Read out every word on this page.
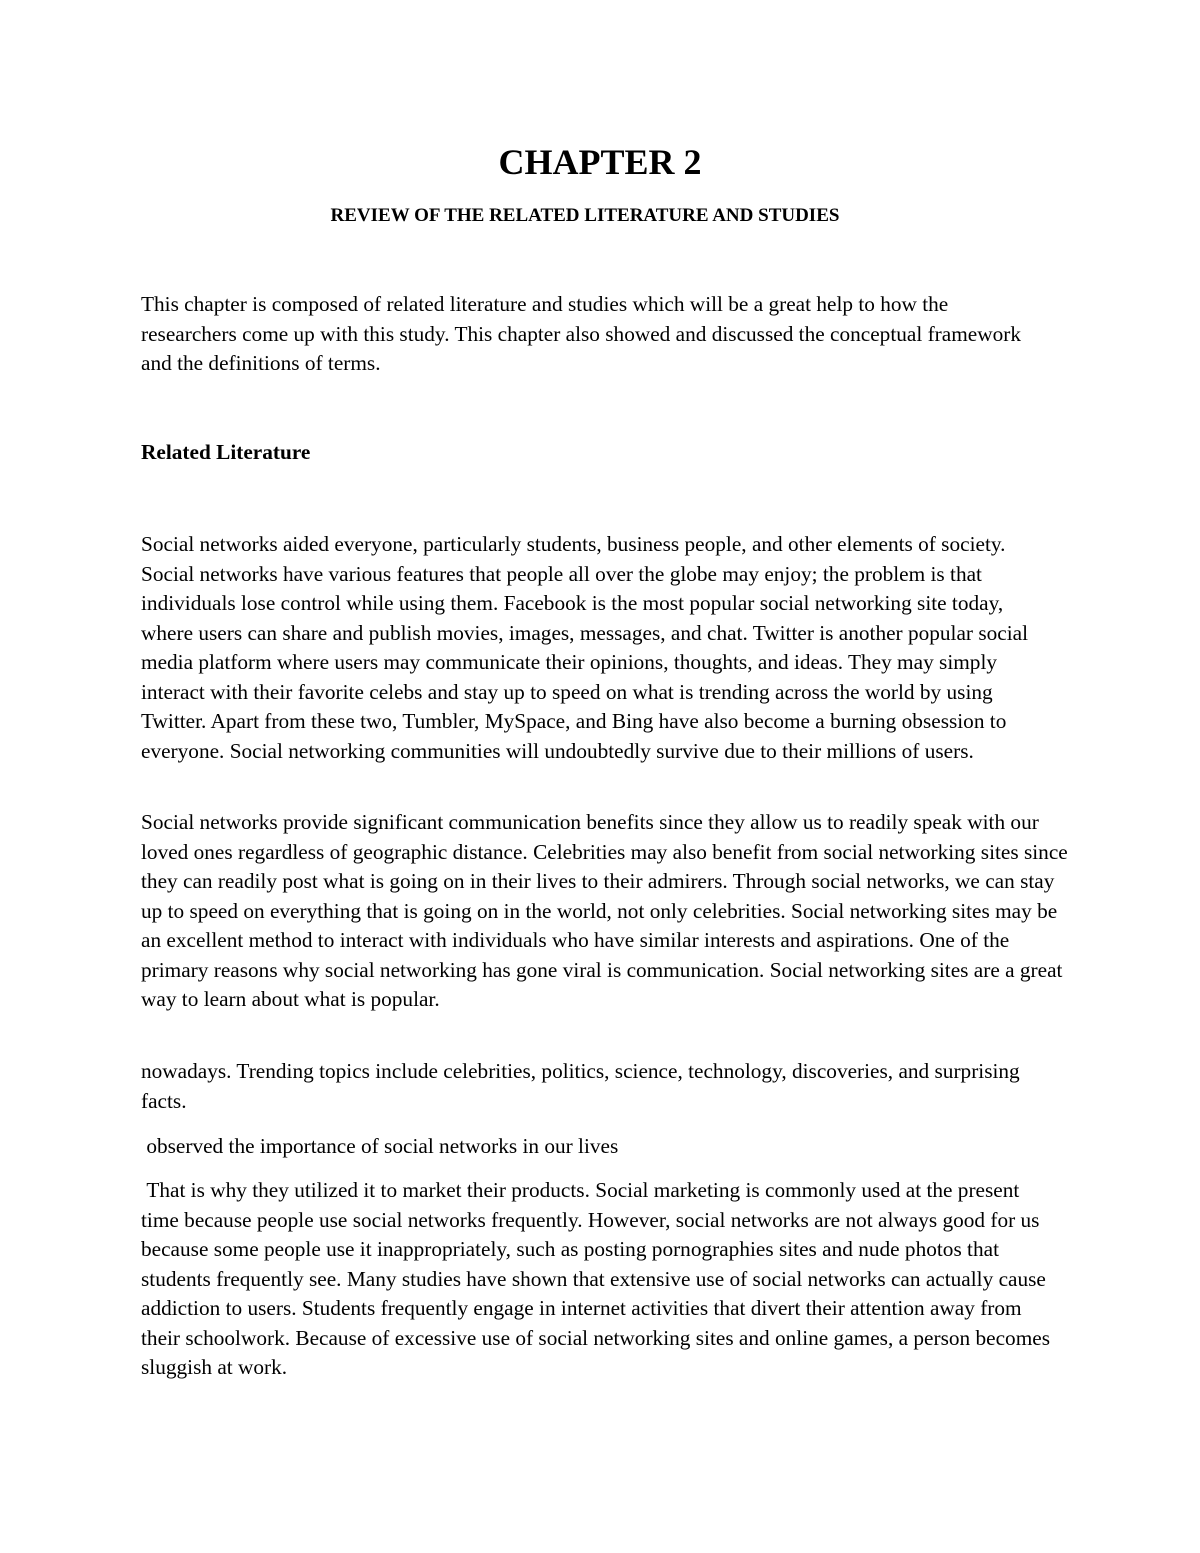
CHAPTER 2
REVIEW OF THE RELATED LITERATURE AND STUDIES

This chapter is composed of related literature and studies which will be a great help to how the researchers come up with this study. This chapter also showed and discussed the conceptual framework and the definitions of terms.

Related Literature

Social networks aided everyone, particularly students, business people, and other elements of society. Social networks have various features that people all over the globe may enjoy; the problem is that individuals lose control while using them. Facebook is the most popular social networking site today, where users can share and publish movies, images, messages, and chat. Twitter is another popular social media platform where users may communicate their opinions, thoughts, and ideas. They may simply interact with their favorite celebs and stay up to speed on what is trending across the world by using Twitter. Apart from these two, Tumbler, MySpace, and Bing have also become a burning obsession to everyone. Social networking communities will undoubtedly survive due to their millions of users.

Social networks provide significant communication benefits since they allow us to readily speak with our loved ones regardless of geographic distance. Celebrities may also benefit from social networking sites since they can readily post what is going on in their lives to their admirers. Through social networks, we can stay up to speed on everything that is going on in the world, not only celebrities. Social networking sites may be an excellent method to interact with individuals who have similar interests and aspirations. One of the primary reasons why social networking has gone viral is communication. Social networking sites are a great way to learn about what is popular.

nowadays. Trending topics include celebrities, politics, science, technology, discoveries, and surprising facts.

observed the importance of social networks in our lives

That is why they utilized it to market their products. Social marketing is commonly used at the present time because people use social networks frequently. However, social networks are not always good for us because some people use it inappropriately, such as posting pornographies sites and nude photos that students frequently see. Many studies have shown that extensive use of social networks can actually cause addiction to users. Students frequently engage in internet activities that divert their attention away from their schoolwork. Because of excessive use of social networking sites and online games, a person becomes sluggish at work.
